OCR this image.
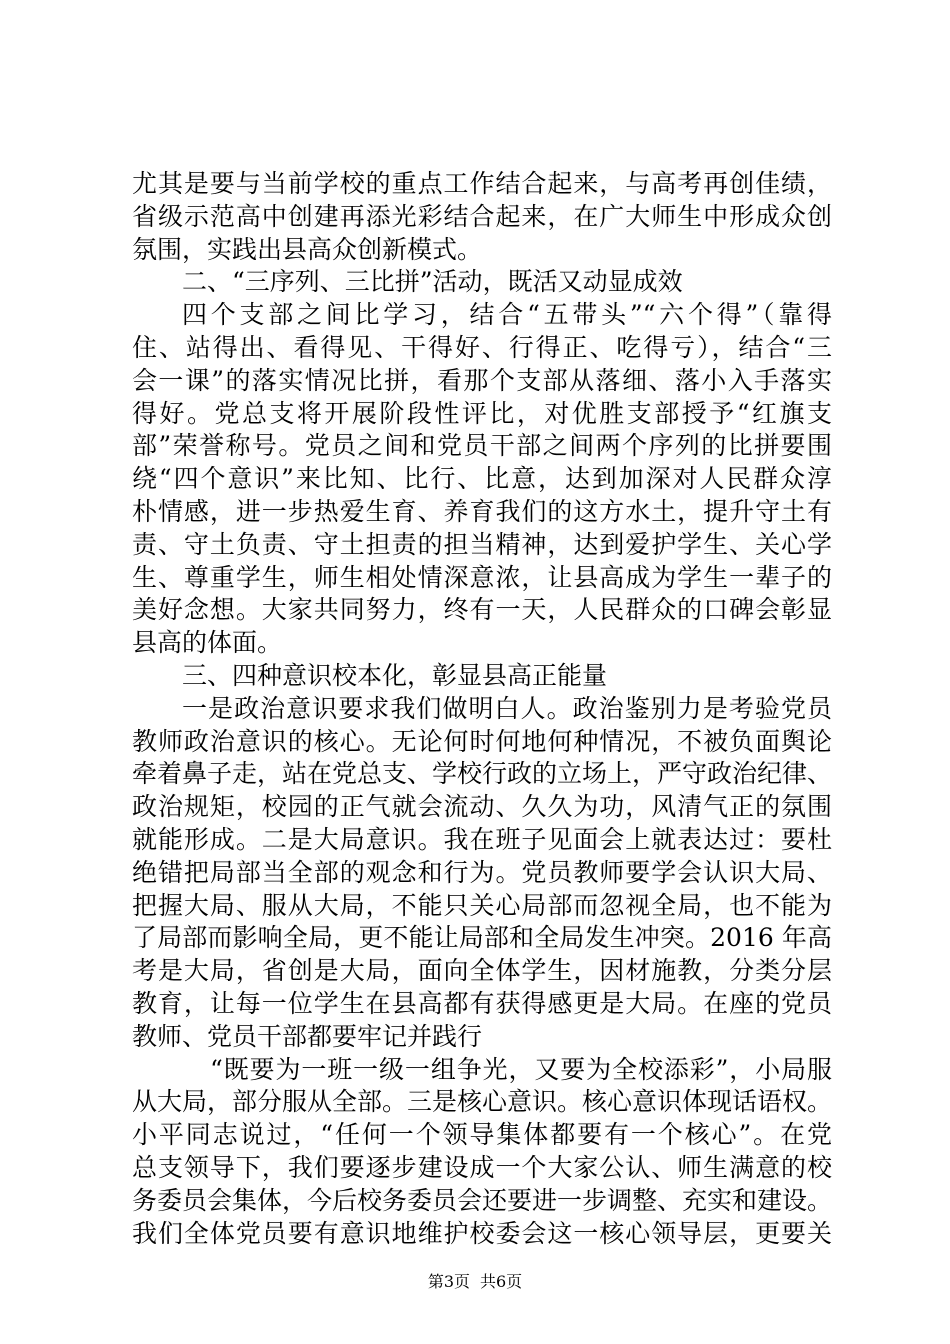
尤其是要与当前学校的重点工作结合起来，与高考再创佳绩，
省级示范高中创建再添光彩结合起来，在广大师生中形成众创
氛围，实践出县高众创新模式。
二、“三序列、三比拼”活动，既活又动显成效
四个支部之间比学习，结合“五带头”“六个得”（靠得
住、站得出、看得见、干得好、行得正、吃得亏），结合“三
会一课”的落实情况比拼，看那个支部从落细、落小入手落实
得好。党总支将开展阶段性评比，对优胜支部授予“红旗支
部”荣誉称号。党员之间和党员干部之间两个序列的比拼要围
绕“四个意识”来比知、比行、比意，达到加深对人民群众淳
朴情感，进一步热爱生育、养育我们的这方水土，提升守土有
责、守土负责、守土担责的担当精神，达到爱护学生、关心学
生、尊重学生，师生相处情深意浓，让县高成为学生一辈子的
美好念想。大家共同努力，终有一天，人民群众的口碑会彰显
县高的体面。
三、四种意识校本化，彰显县高正能量
一是政治意识要求我们做明白人。政治鉴别力是考验党员
教师政治意识的核心。无论何时何地何种情况，不被负面舆论
牵着鼻子走，站在党总支、学校行政的立场上，严守政治纪律、
政治规矩，校园的正气就会流动、久久为功，风清气正的氛围
就能形成。二是大局意识。我在班子见面会上就表达过：要杜
绝错把局部当全部的观念和行为。党员教师要学会认识大局、
把握大局、服从大局，不能只关心局部而忽视全局，也不能为
了局部而影响全局，更不能让局部和全局发生冲突。2016 年高
考是大局，省创是大局，面向全体学生，因材施教，分类分层
教育，让每一位学生在县高都有获得感更是大局。在座的党员
教师、党员干部都要牢记并践行
“既要为一班一级一组争光，又要为全校添彩”，小局服
从大局，部分服从全部。三是核心意识。核心意识体现话语权。
小平同志说过，“任何一个领导集体都要有一个核心”。在党
总支领导下，我们要逐步建设成一个大家公认、师生满意的校
务委员会集体，今后校务委员会还要进一步调整、充实和建设。
我们全体党员要有意识地维护校委会这一核心领导层，更要关
第3页 共6页
